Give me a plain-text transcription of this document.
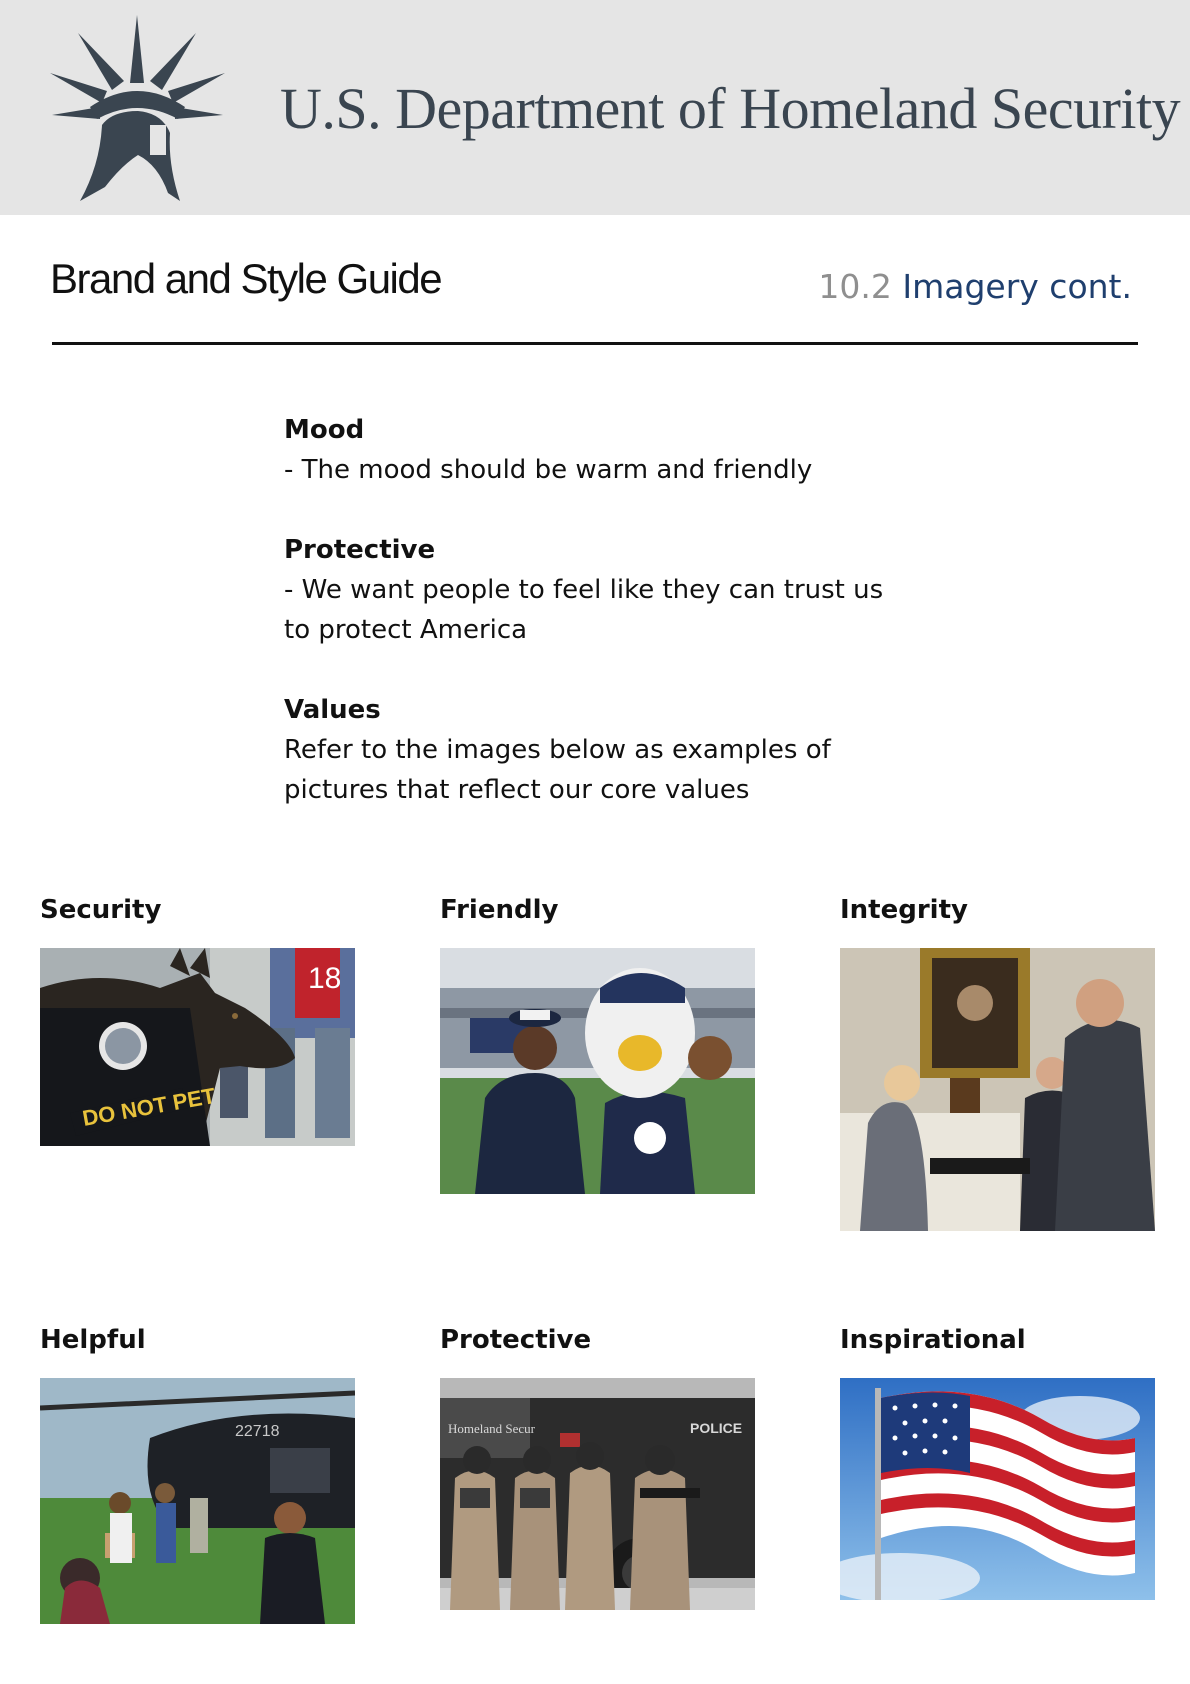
U.S. Department of Homeland Security
Brand and Style Guide	10.2 Imagery cont.
Mood
- The mood should be warm and friendly
Protective
- We want people to feel like they can trust us
to protect America
Values
Refer to the images below as examples of
pictures that reflect our core values
Security
18
DO NOT PET
Friendly	Integrity
Helpful
22718
Protective
Homeland Secur	POLICE
Inspirational
